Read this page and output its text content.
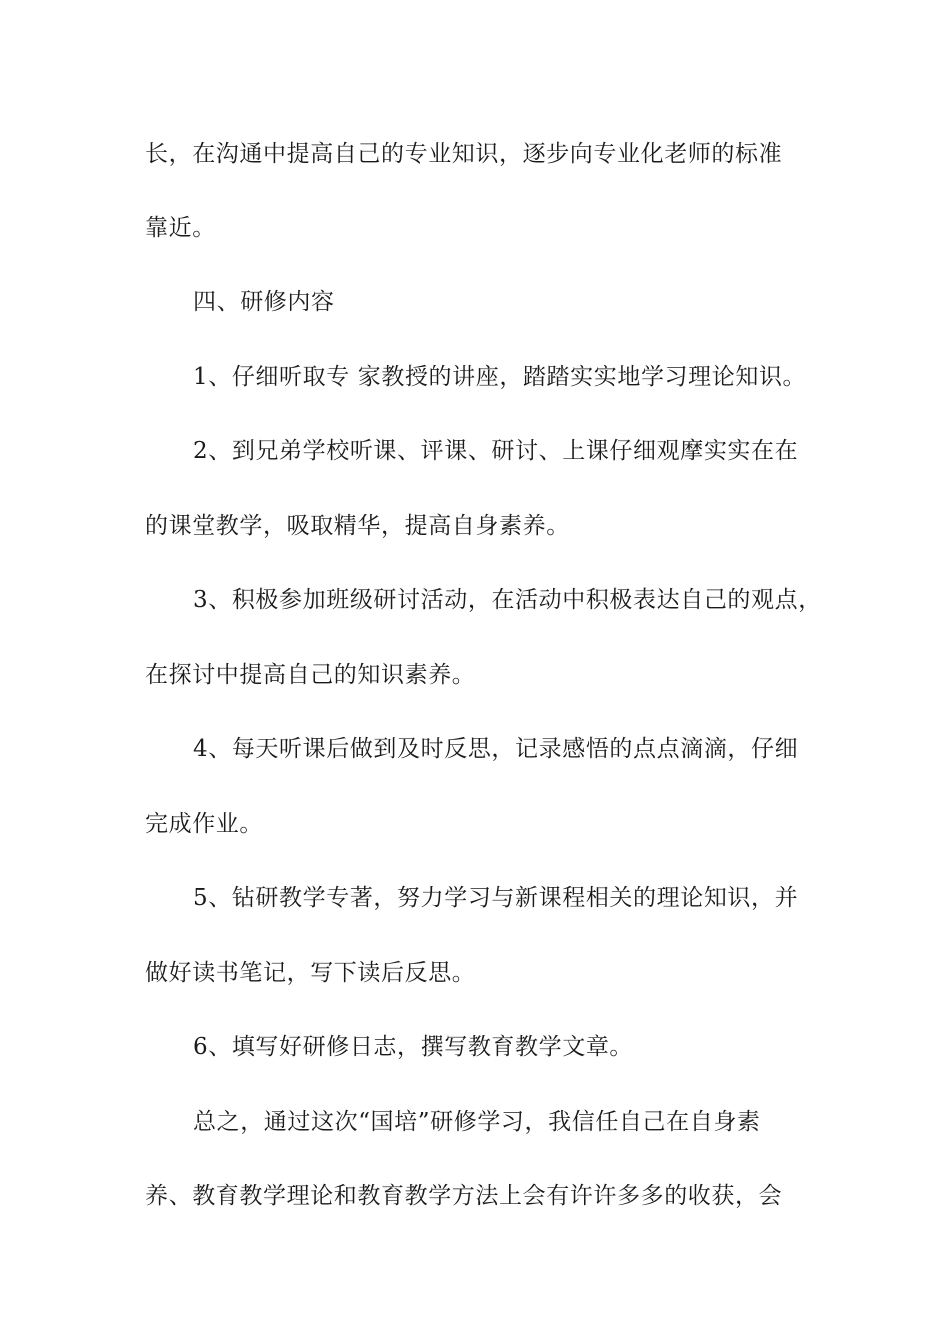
长，在沟通中提高自己的专业知识，逐步向专业化老师的标准
靠近。
四、研修内容
1、仔细听取专 家教授的讲座，踏踏实实地学习理论知识。
2、到兄弟学校听课、评课、研讨、上课仔细观摩实实在在
的课堂教学，吸取精华，提高自身素养。
3、积极参加班级研讨活动，在活动中积极表达自己的观点，
在探讨中提高自己的知识素养。
4、每天听课后做到及时反思，记录感悟的点点滴滴，仔细
完成作业。
5、钻研教学专著，努力学习与新课程相关的理论知识，并
做好读书笔记，写下读后反思。
6、填写好研修日志，撰写教育教学文章。
总之，通过这次“国培”研修学习，我信任自己在自身素
养、教育教学理论和教育教学方法上会有许许多多的收获，会
